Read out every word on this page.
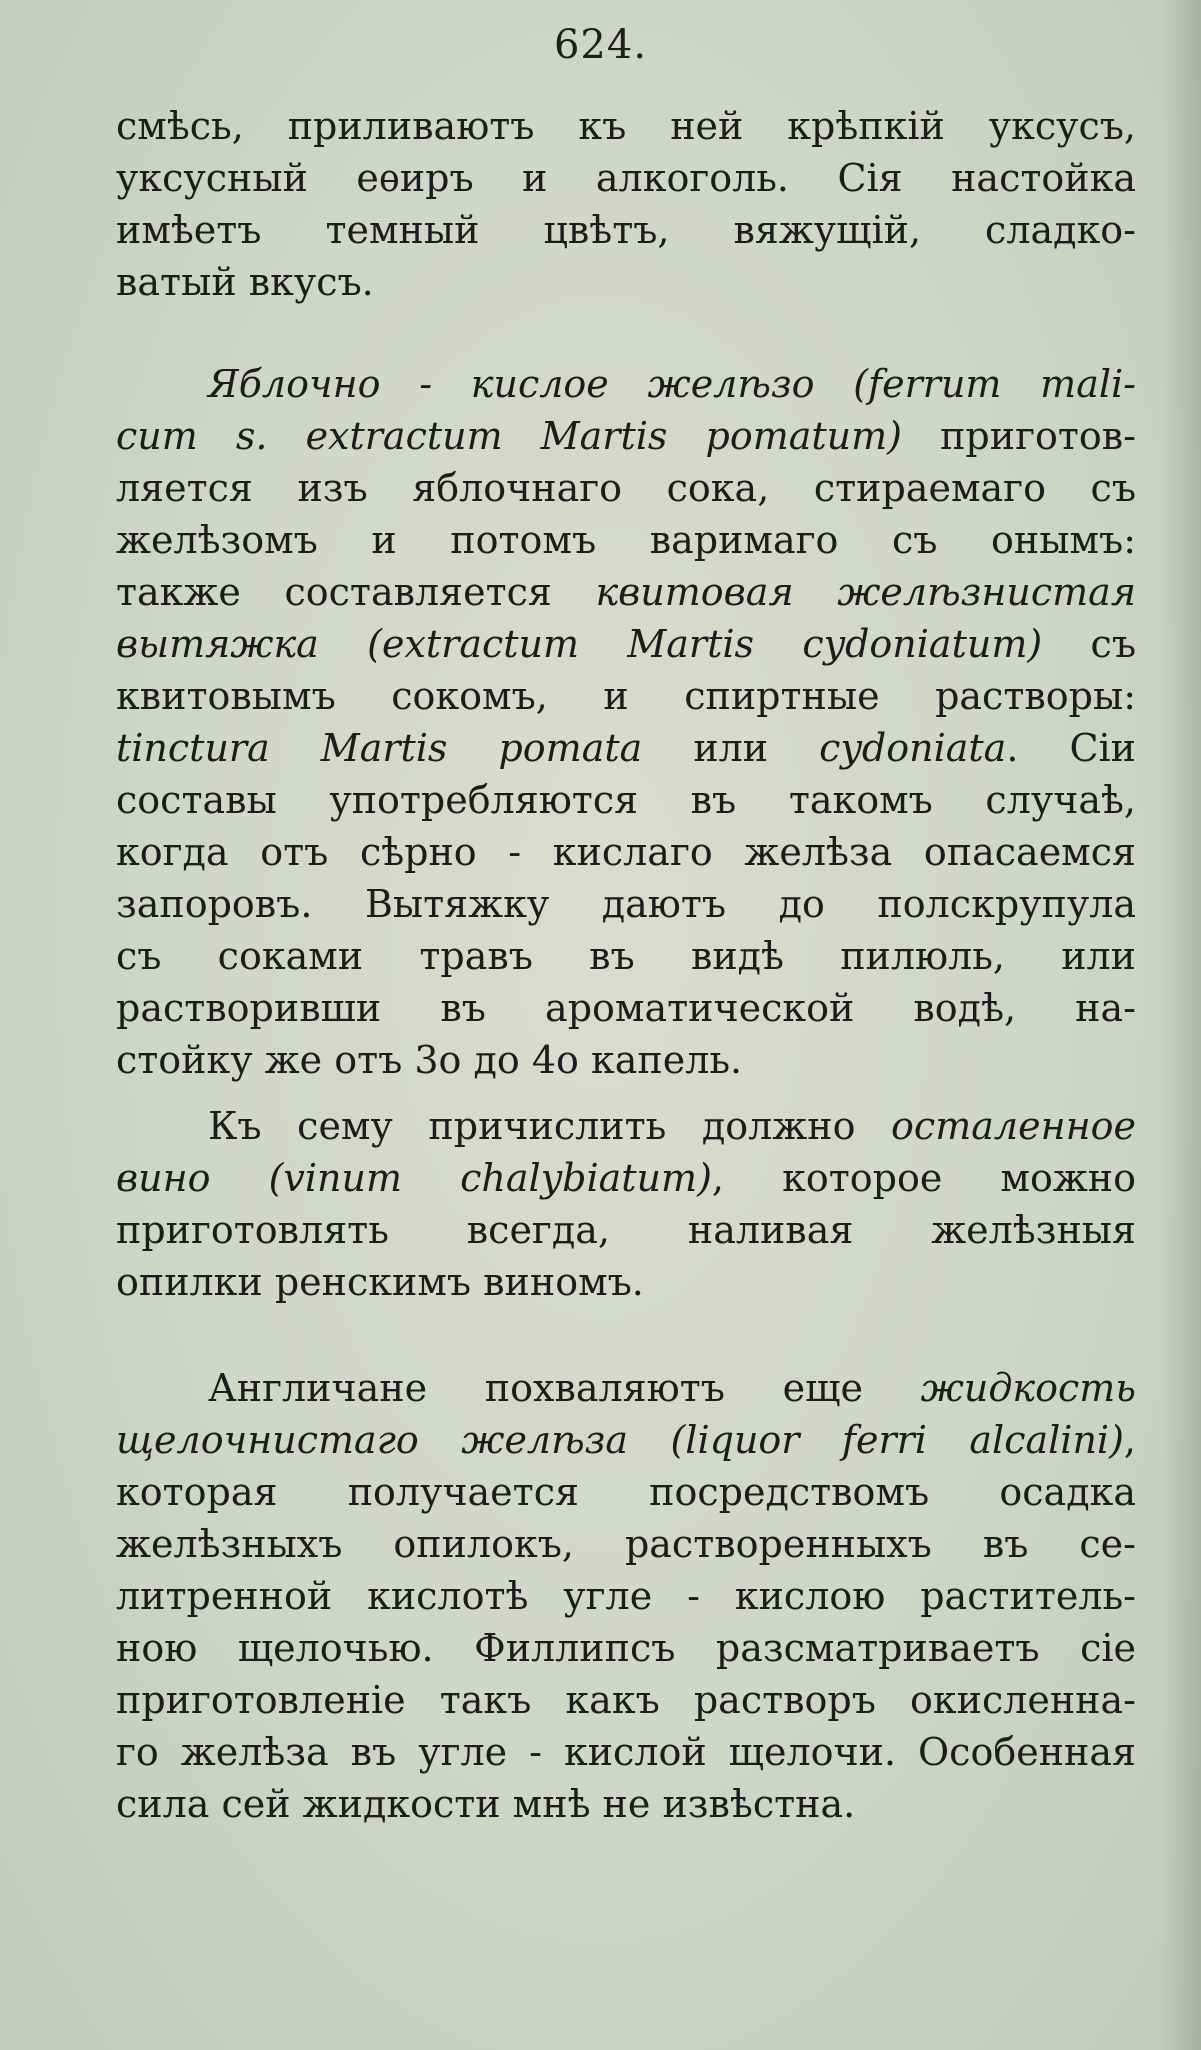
624.
смѣсь, приливаютъ къ ней крѣпкій уксусъ,
уксусный еѳиръ и алкоголь. Сія настойка
имѣетъ темный цвѣтъ, вяжущій, сладко-
ватый вкусъ.
Яблочно - кислое желѣзо (ferrum mali-
cum s. extractum Martis pomatum) приготов-
ляется изъ яблочнаго сока, стираемаго съ
желѣзомъ и потомъ варимаго съ онымъ:
также составляется квитовая желѣзнистая
вытяжка (extractum Martis cydoniatum) съ
квитовымъ сокомъ, и спиртные растворы:
tinctura Martis pomata или cydoniata. Сіи
составы употребляются въ такомъ случаѣ,
когда отъ сѣрно - кислаго желѣза опасаемся
запоровъ. Вытяжку даютъ до полскрупула
съ соками травъ въ видѣ пилюль, или
растворивши въ ароматической водѣ, на-
стойку же отъ 3о до 4о капель.
Къ сему причислить должно осталенное
вино (vinum chalybiatum), которое можно
приготовлять всегда, наливая желѣзныя
опилки ренскимъ виномъ.
Англичане похваляютъ еще жидкость
щелочнистаго желѣза (liquor ferri alcalini),
которая получается посредствомъ осадка
желѣзныхъ опилокъ, растворенныхъ въ се-
литренной кислотѣ угле - кислою раститель-
ною щелочью. Филлипсъ разсматриваетъ сіе
приготовленіе такъ какъ растворъ окисленна-
го желѣза въ угле - кислой щелочи. Особенная
сила сей жидкости мнѣ не извѣстна.
